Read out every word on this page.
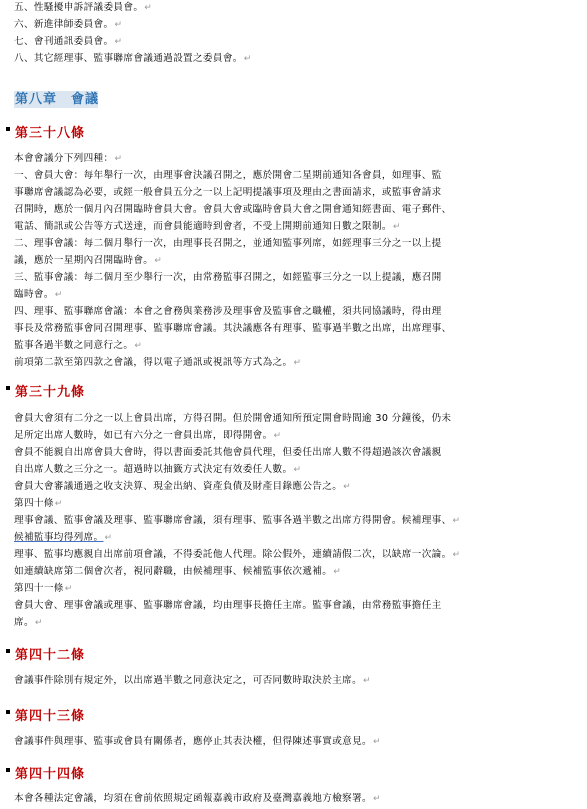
五、性騷擾申訴評議委員會。↵
六、新進律師委員會。↵
七、會刊通訊委員會。↵
八、其它經理事、監事聯席會議通過設置之委員會。↵
第八章　會議
第三十八條
本會會議分下列四種：↵
一、會員大會：每年舉行一次，由理事會決議召開之，應於開會二星期前通知各會員，如理事、監
事聯席會議認為必要，或經一般會員五分之一以上記明提議事項及理由之書面請求，或監事會請求
召開時，應於一個月內召開臨時會員大會。會員大會或臨時會員大會之開會通知經書面、電子郵件、
電話、簡訊或公告等方式送達，而會員能適時到會者，不受上開期前通知日數之限制。↵
二、理事會議：每二個月舉行一次，由理事長召開之，並通知監事列席，如經理事三分之一以上提
議，應於一星期內召開臨時會。↵
三、監事會議：每二個月至少舉行一次，由常務監事召開之，如經監事三分之一以上提議，應召開
臨時會。↵
四、理事、監事聯席會議：本會之會務與業務涉及理事會及監事會之職權，須共同協議時，得由理
事長及常務監事會同召開理事、監事聯席會議。其決議應各有理事、監事過半數之出席，出席理事、
監事各過半數之同意行之。↵
前項第二款至第四款之會議，得以電子通訊或視訊等方式為之。↵
第三十九條
會員大會須有二分之一以上會員出席，方得召開。但於開會通知所預定開會時間逾 30 分鐘後，仍未
足所定出席人數時，如已有六分之一會員出席，即得開會。↵
會員不能親自出席會員大會時，得以書面委託其他會員代理，但委任出席人數不得超過該次會議親
自出席人數之三分之一。超過時以抽籤方式決定有效委任人數。↵
會員大會審議通過之收支決算、現金出納、資產負債及財產目錄應公告之。↵
第四十條↵
理事會議、監事會議及理事、監事聯席會議，須有理事、監事各過半數之出席方得開會。候補理事、↵
候補監事均得列席。↵
理事、監事均應親自出席前項會議，不得委託他人代理。除公假外，連續請假二次，以缺席一次論。↵
如連續缺席第二個會次者，視同辭職，由候補理事、候補監事依次遞補。↵
第四十一條↵
會員大會、理事會議或理事、監事聯席會議，均由理事長擔任主席。監事會議，由常務監事擔任主
席。↵
第四十二條
會議事件除別有規定外，以出席過半數之同意決定之，可否同數時取決於主席。↵
第四十三條
會議事件與理事、監事或會員有關係者，應停止其表決權，但得陳述事實或意見。↵
第四十四條
本會各種法定會議，均須在會前依照規定函報嘉義市政府及臺灣嘉義地方檢察署。↵
